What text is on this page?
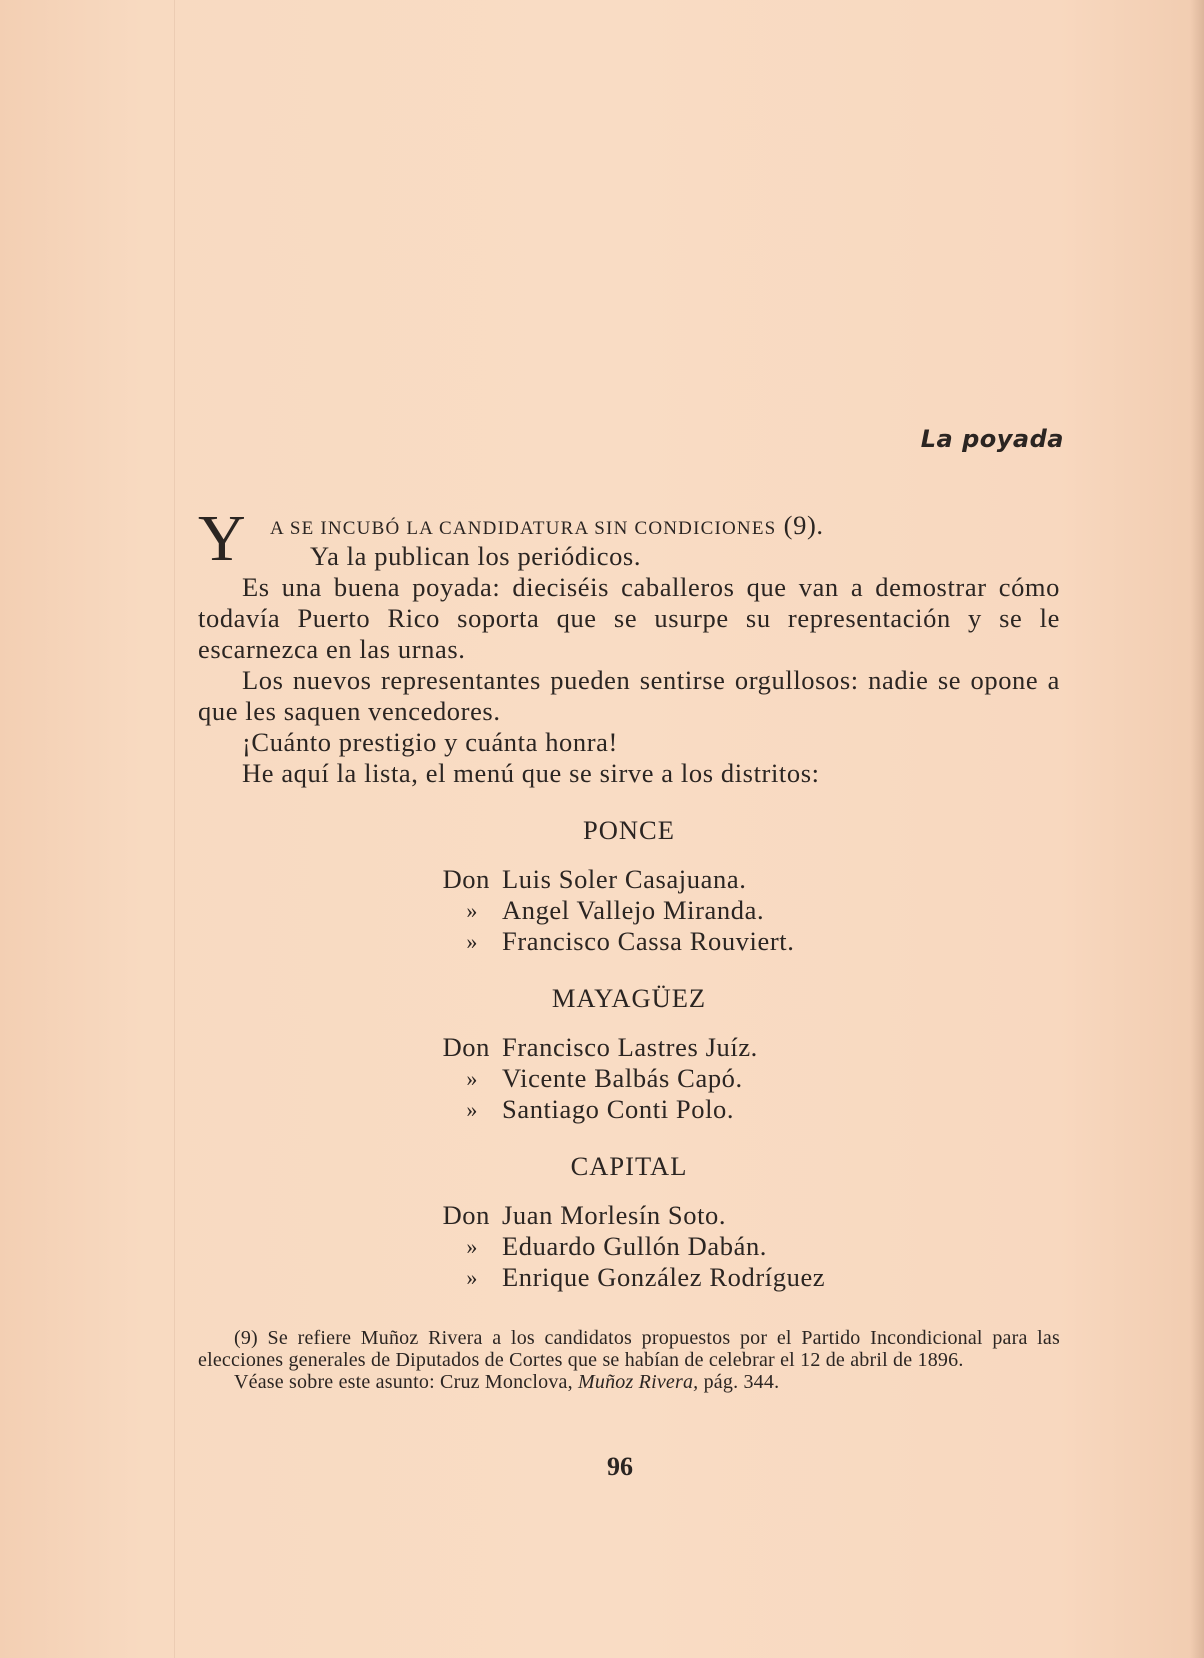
La poyada
Y A SE INCUBÓ LA CANDIDATURA SIN CONDICIONES (9).
Ya la publican los periódicos.

Es una buena poyada: dieciséis caballeros que van a demostrar cómo todavía Puerto Rico soporta que se usurpe su representación y se le escarnezca en las urnas.

Los nuevos representantes pueden sentirse orgullosos: nadie se opone a que les saquen vencedores.

¡Cuánto prestigio y cuánta honra!

He aquí la lista, el menú que se sirve a los distritos:

PONCE
Don Luis Soler Casajuana.
» Angel Vallejo Miranda.
» Francisco Cassa Rouviert.
MAYAGÜEZ
Don Francisco Lastres Juíz.
» Vicente Balbás Capó.
» Santiago Conti Polo.
CAPITAL
Don Juan Morlesín Soto.
» Eduardo Gullón Dabán.
» Enrique González Rodríguez

(9) Se refiere Muñoz Rivera a los candidatos propuestos por el Partido Incondicional para las elecciones generales de Diputados de Cortes que se habían de celebrar el 12 de abril de 1896.

Véase sobre este asunto: Cruz Monclova, Muñoz Rivera, pág. 344.

96
